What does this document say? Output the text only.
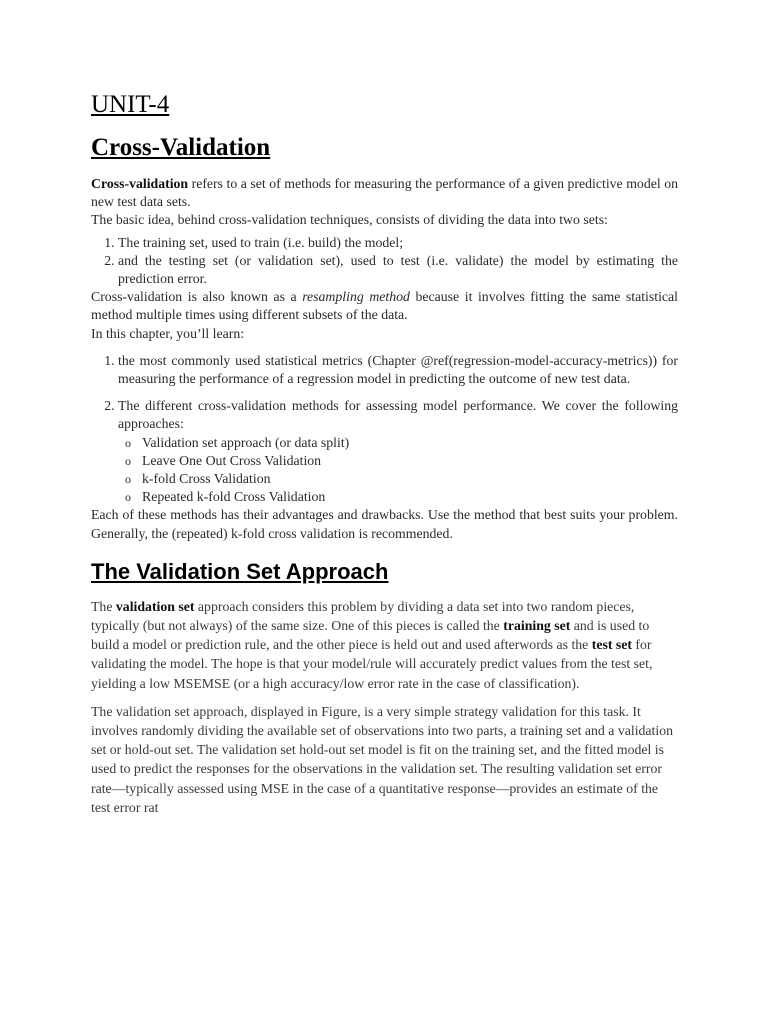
UNIT-4
Cross-Validation

Cross-validation refers to a set of methods for measuring the performance of a given predictive model on new test data sets.

The basic idea, behind cross-validation techniques, consists of dividing the data into two sets:

1. The training set, used to train (i.e. build) the model;
2. and the testing set (or validation set), used to test (i.e. validate) the model by estimating the prediction error.

Cross-validation is also known as a resampling method because it involves fitting the same statistical method multiple times using different subsets of the data.

In this chapter, you’ll learn:

1. the most commonly used statistical metrics (Chapter @ref(regression-model-accuracy-metrics)) for measuring the performance of a regression model in predicting the outcome of new test data.
2. The different cross-validation methods for assessing model performance. We cover the following approaches:
o Validation set approach (or data split)
o Leave One Out Cross Validation
o k-fold Cross Validation
o Repeated k-fold Cross Validation

Each of these methods has their advantages and drawbacks. Use the method that best suits your problem. Generally, the (repeated) k-fold cross validation is recommended.

The Validation Set Approach

The validation set approach considers this problem by dividing a data set into two random pieces, typically (but not always) of the same size. One of this pieces is called the training set and is used to build a model or prediction rule, and the other piece is held out and used afterwords as the test set for validating the model. The hope is that your model/rule will accurately predict values from the test set, yielding a low MSEMSE (or a high accuracy/low error rate in the case of classification).

The validation set approach, displayed in Figure, is a very simple strategy validation for this task. It involves randomly dividing the available set of observations into two parts, a training set and a validation set or hold-out set. The validation set hold-out set model is fit on the training set, and the fitted model is used to predict the responses for the observations in the validation set. The resulting validation set error rate—typically assessed using MSE in the case of a quantitative response—provides an estimate of the test error rat
